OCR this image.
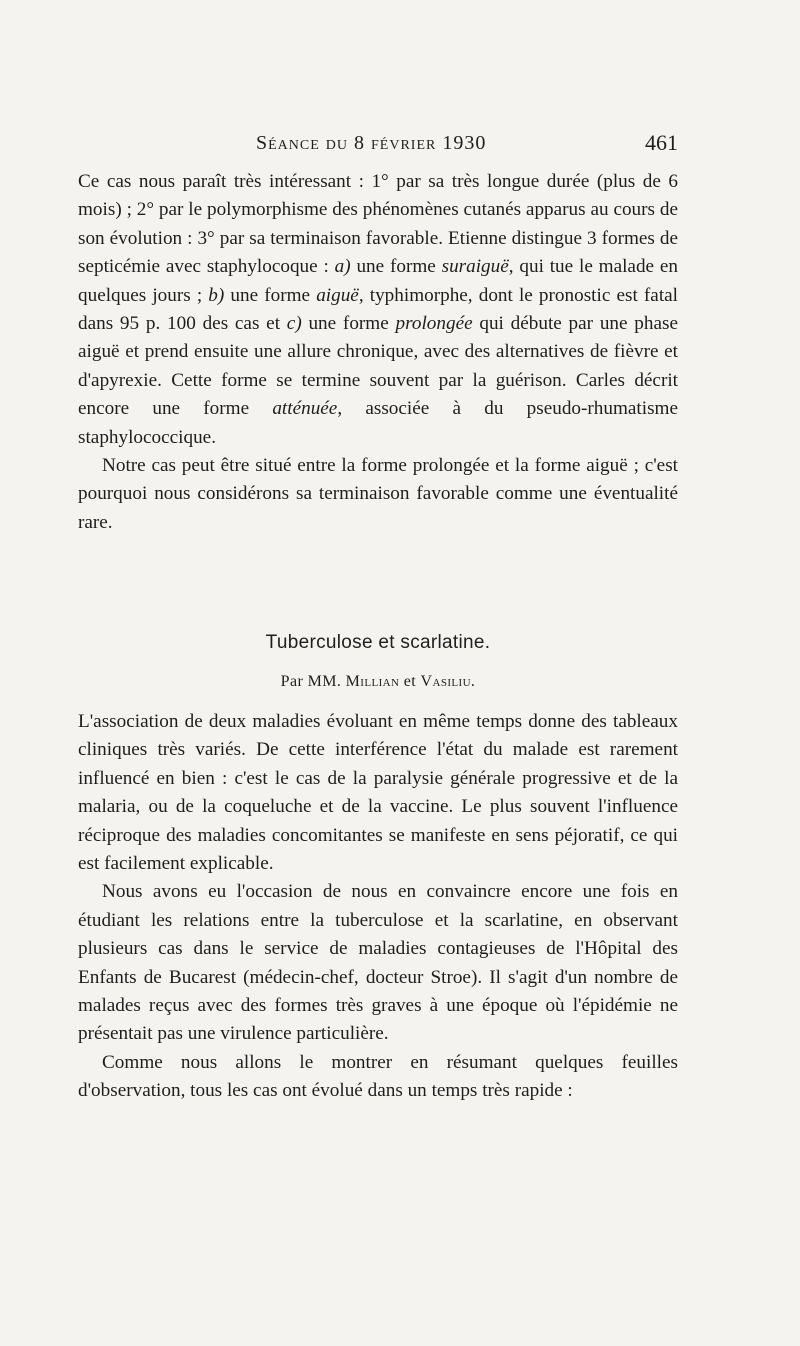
Séance du 8 février 1930	461

Ce cas nous paraît très intéressant : 1° par sa très longue durée (plus de 6 mois) ; 2° par le polymorphisme des phénomènes cutanés apparus au cours de son évolution : 3° par sa terminaison favorable. Etienne distingue 3 formes de septicémie avec staphylocoque : a) une forme suraiguë, qui tue le malade en quelques jours ; b) une forme aiguë, typhimorphe, dont le pronostic est fatal dans 95 p. 100 des cas et c) une forme prolongée qui débute par une phase aiguë et prend ensuite une allure chronique, avec des alternatives de fièvre et d'apyrexie. Cette forme se termine souvent par la guérison. Carles décrit encore une forme atténuée, associée à du pseudo-rhumatisme staphylococcique.

Notre cas peut être situé entre la forme prolongée et la forme aiguë ; c'est pourquoi nous considérons sa terminaison favorable comme une éventualité rare.

Tuberculose et scarlatine.
Par MM. Millian et Vasiliu.

L'association de deux maladies évoluant en même temps donne des tableaux cliniques très variés. De cette interférence l'état du malade est rarement influencé en bien : c'est le cas de la paralysie générale progressive et de la malaria, ou de la coqueluche et de la vaccine. Le plus souvent l'influence réciproque des maladies concomitantes se manifeste en sens péjoratif, ce qui est facilement explicable.

Nous avons eu l'occasion de nous en convaincre encore une fois en étudiant les relations entre la tuberculose et la scarlatine, en observant plusieurs cas dans le service de maladies contagieuses de l'Hôpital des Enfants de Bucarest (médecin-chef, docteur Stroe). Il s'agit d'un nombre de malades reçus avec des formes très graves à une époque où l'épidémie ne présentait pas une virulence particulière.

Comme nous allons le montrer en résumant quelques feuilles d'observation, tous les cas ont évolué dans un temps très rapide :
